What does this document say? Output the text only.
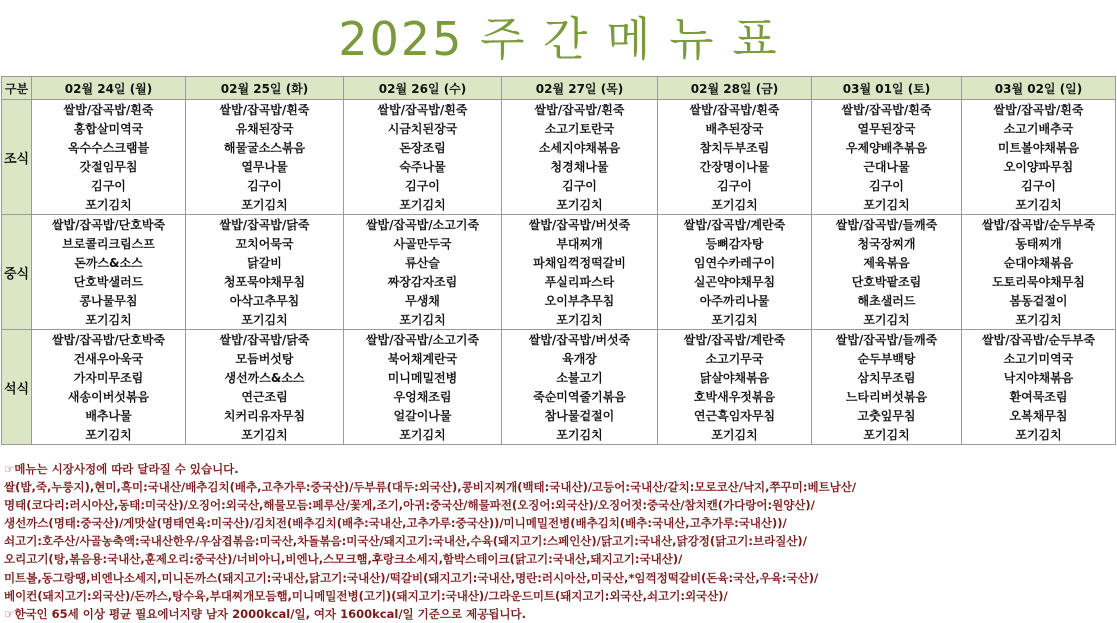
2025 주 간 메 뉴 표
구분	02월 24일 (월)	02월 25일 (화)	02월 26일 (수)	02월 27일 (목)	02월 28일 (금)	03월 01일 (토)	03월 02일 (일)
조식	쌀밥/잡곡밥/흰죽	쌀밥/잡곡밥/흰죽	쌀밥/잡곡밥/흰죽	쌀밥/잡곡밥/흰죽	쌀밥/잡곡밥/흰죽	쌀밥/잡곡밥/흰죽	쌀밥/잡곡밥/흰죽
	홍합살미역국	유채된장국	시금치된장국	소고기토란국	배추된장국	열무된장국	소고기배추국
	옥수수스크램블	해물굴소스볶음	돈장조림	소세지야채볶음	참치두부조림	우제양배추볶음	미트볼야채볶음
	갓절임무침	열무나물	숙주나물	청경채나물	간장명이나물	근대나물	오이양파무침
	김구이	김구이	김구이	김구이	김구이	김구이	김구이
	포기김치	포기김치	포기김치	포기김치	포기김치	포기김치	포기김치
중식	쌀밥/잡곡밥/단호박죽	쌀밥/잡곡밥/닭죽	쌀밥/잡곡밥/소고기죽	쌀밥/잡곡밥/버섯죽	쌀밥/잡곡밥/계란죽	쌀밥/잡곡밥/들깨죽	쌀밥/잡곡밥/순두부죽
	브로콜리크림스프	꼬치어묵국	사골만두국	부대찌개	등뼈감자탕	청국장찌개	동태찌개
	돈까스&소스	닭갈비	류산슬	파채임꺽정떡갈비	임연수카레구이	제육볶음	순대야채볶음
	단호박샐러드	청포묵야채무침	짜장감자조림	푸실리파스타	실곤약야채무침	단호박팥조림	도토리묵야채무침
	콩나물무침	아삭고추무침	무생채	오이부추무침	아주까리나물	해초샐러드	봄동겉절이
	포기김치	포기김치	포기김치	포기김치	포기김치	포기김치	포기김치
석식	쌀밥/잡곡밥/단호박죽	쌀밥/잡곡밥/닭죽	쌀밥/잡곡밥/소고기죽	쌀밥/잡곡밥/버섯죽	쌀밥/잡곡밥/계란죽	쌀밥/잡곡밥/들깨죽	쌀밥/잡곡밥/순두부죽
	건새우아욱국	모듬버섯탕	북어채계란국	육개장	소고기무국	순두부백탕	소고기미역국
	가자미무조림	생선까스&소스	미니메밀전병	소불고기	닭살야채볶음	삼치무조림	낙지야채볶음
	새송이버섯볶음	연근조림	우엉채조림	죽순미역줄기볶음	호박새우젓볶음	느타리버섯볶음	환여묵조림
	배추나물	치커리유자무침	얼갈이나물	참나물겉절이	연근흑임자무침	고춧잎무침	오복채무침
	포기김치	포기김치	포기김치	포기김치	포기김치	포기김치	포기김치
☞메뉴는 시장사정에 따라 달라질 수 있습니다.
쌀(밥,죽,누룽지),현미,흑미:국내산/배추김치(배추,고추가루:중국산)/두부류(대두:외국산),콩비지찌개(백태:국내산)/고등어:국내산/갈치:모로코산/낙지,쭈꾸미:베트남산/
명태(코다리:러시아산,동태:미국산)/오징어:외국산,해물모듬:페루산/꽃게,조기,아귀:중국산/해물파전(오징어:외국산)/오징어젓:중국산/참치캔(가다랑어:원양산)/
생선까스(명태:중국산)/게맛살(명태연육:미국산)/김치전(배추김치(배추:국내산,고추가루:중국산))/미니메밀전병(배추김치(배추:국내산,고추가루:국내산))/
쇠고기:호주산/사골농축액:국내산한우/우삼겹볶음:미국산,차돌볶음:미국산/돼지고기:국내산,수육(돼지고기:스페인산)/닭고기:국내산,닭강정(닭고기:브라질산)/
오리고기(탕,볶음용:국내산,훈제오리:중국산)/너비아니,비엔나,스모크햄,후랑크소세지,함박스테이크(닭고기:국내산,돼지고기:국내산)/
미트볼,동그랑땡,비엔나소세지,미니돈까스(돼지고기:국내산,닭고기:국내산)/떡갈비(돼지고기:국내산,명란:러시아산,미국산,*임꺽정떡갈비(돈육:국산,우육:국산)/
베이컨(돼지고기:외국산)/돈까스,탕수육,부대찌개모듬햄,미니메밀전병(고기)(돼지고기:국내산)/그라운드미트(돼지고기:외국산,쇠고기:외국산)/
☞한국인 65세 이상 평균 필요에너지량 남자 2000kcal/일, 여자 1600kcal/일 기준으로 제공됩니다.
